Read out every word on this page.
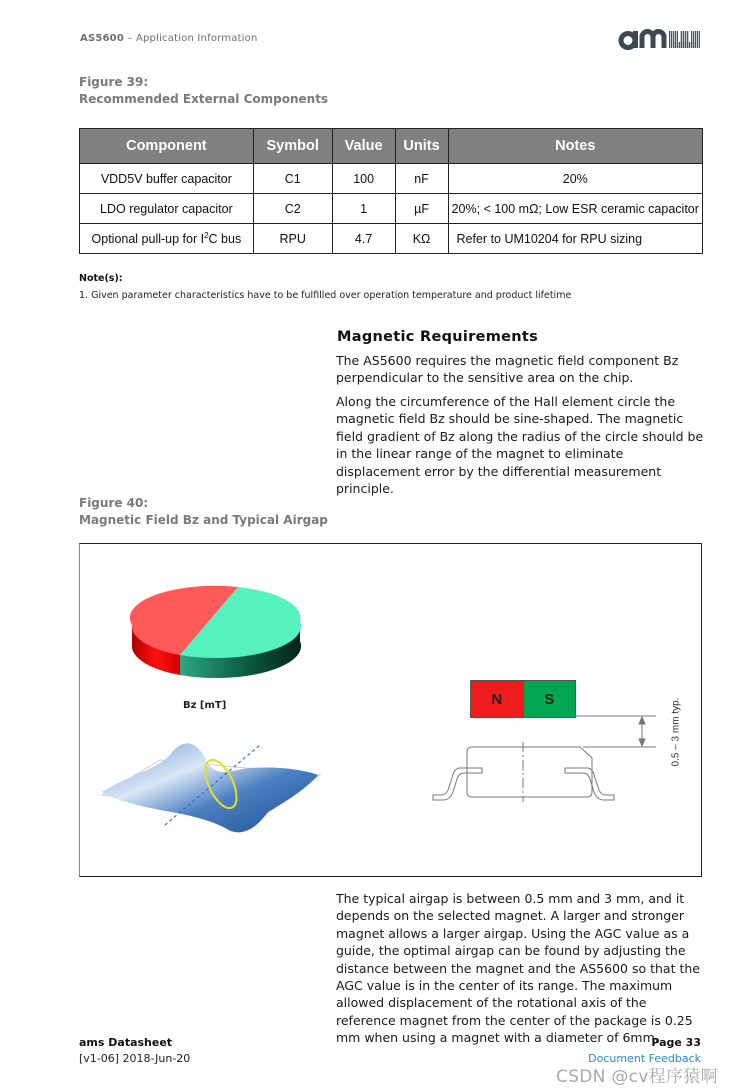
AS5600 – Application Information
Figure 39:
Recommended External Components
Component	Symbol	Value	Units	Notes
VDD5V buffer capacitor	C1	100	nF	20%
LDO regulator capacitor	C2	1	µF	20%; < 100 mΩ; Low ESR ceramic capacitor
Optional pull-up for $I^2C$ bus	RPU	4.7	KΩ	Refer to UM10204 for RPU sizing
Note(s):
1. Given parameter characteristics have to be fulfilled over operation temperature and product lifetime
Magnetic Requirements
The AS5600 requires the magnetic field component Bz perpendicular to the sensitive area on the chip.
Along the circumference of the Hall element circle the magnetic field Bz should be sine-shaped. The magnetic field gradient of Bz along the radius of the circle should be in the linear range of the magnet to eliminate displacement error by the differential measurement principle.
Figure 40:
Magnetic Field Bz and Typical Airgap
Bz [mT]	N	S	0.5 – 3 mm typ.
The typical airgap is between 0.5 mm and 3 mm, and it depends on the selected magnet. A larger and stronger magnet allows a larger airgap. Using the AGC value as a guide, the optimal airgap can be found by adjusting the distance between the magnet and the AS5600 so that the AGC value is in the center of its range. The maximum allowed displacement of the rotational axis of the reference magnet from the center of the package is 0.25 mm when using a magnet with a diameter of 6mm.
ams Datasheet
[v1-06] 2018-Jun-20
Page 33
Document Feedback
CSDN @cv程序猿啊
